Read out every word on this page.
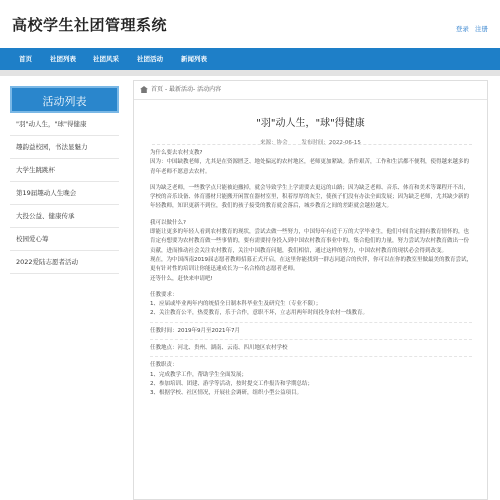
高校学生社团管理系统	登录 注册
首页	社团列表	社团风采	社团活动	新闻列表
活动列表
"羽"动人生，"球"得健康
趣韵益校园，书法显魅力
大学生跳跳杯
第19届趣动人生晚会
大投公益、健康传承
校园爱心筹
2022爱陆志愿者活动
首页 - 最新活动- 活动内容
"羽"动人生，"球"得健康
来源：协会	发布时间：2022-06-15

为什么要去农村支教?

因为：中国缺教老师，尤其是在资源匮乏、地处偏远的农村地区，老师更加紧缺。条件艰苦，工作和生活都不便利，使得越来越多的青年老师不愿意去农村。

因为缺乏老师，一些教学点只能被迫撤掉，就会导致学生上学需要去更远的山路；因为缺乏老师、音乐、体育和美术等课程开不出，学校的音乐设备、体育器材只能搬开闲置在器材室里，积着厚厚的灰尘，使孩子们没有办法全面发展；因为缺乏老师，尤其缺少新的年轻教师，知识更新不到位，我们的孩子接受的教育就会落后，城乡教育之间的差距就会越拉越大。

我可以做什么?

即能让更多的年轻人看到农村教育的现状，尝试去做一些努力，中国每年有近千万的大学毕业生，他们中间肯定拥有教育情怀的，也肯定有想要为农村教育做一些事情的，要有需要持身投入到中国农村教育事业中的，集合他们的力量，努力尝试为农村教育做出一份贡献，进而推动社会关注农村教育，关注中国教育问题，我们相信，通过这样的努力，中国农村教育的现状必会得到改变。

现在，为中国西南2019届志愿者教师招募正式开启，在这里你能找到一群志同道合的伙伴，你可以在你的教室里做最美的教育尝试，更有针对性的培训让你能迅速成长为一名合格的志愿者老师。

还等什么，赶快来申请吧!

任教要求：

1、应届或毕业两年内的统招全日制本科毕业生及研究生（专业不限）；

2、关注教育公平，热爱教育，乐于合作，意职不坏，立志用两年时间投身农村一线教育。

任教时间：2019年9月至2021年7月

任教地点：河北、贵州、湖南、云南、四川地区农村学校

任教职责：

1、完成教学工作，帮助学生全面发展；

2、参加培训、团建、游学等活动，按时提交工作报告和学期总结；

3、根据学校、社区情况，开展社会调研，组织小型公益项目。
